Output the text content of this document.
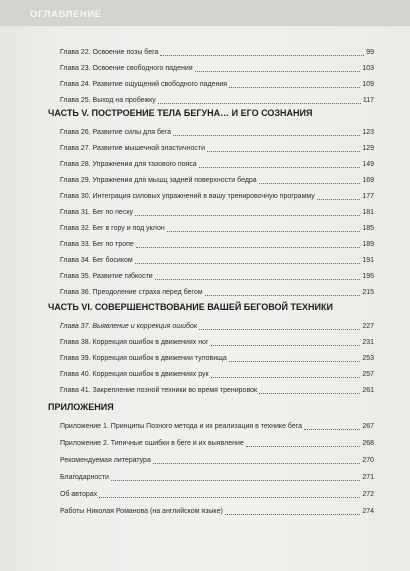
ОГЛАВЛЕНИЕ
Глава 22. Освоение позы бега	99
Глава 23. Освоение свободного падения	103
Глава 24. Развитие ощущений свободного падения	109
Глава 25. Выход на пробежку	117
ЧАСТЬ V. ПОСТРОЕНИЕ ТЕЛА БЕГУНА… И ЕГО СОЗНАНИЯ
Глава 26. Развитие силы для бега	123
Глава 27. Развитие мышечной эластичности	129
Глава 28. Упражнения для тазового пояса	149
Глава 29. Упражнения для мышц задней поверхности бедра	169
Глава 30. Интеграция силовых упражнений в вашу тренировочную программу	177
Глава 31. Бег по песку	181
Глава 32. Бег в гору и под уклон	185
Глава 33. Бег по тропе	189
Глава 34. Бег босиком	191
Глава 35. Развитие гибкости	195
Глава 36. Преодоление страха перед бегом	215
ЧАСТЬ VI. СОВЕРШЕНСТВОВАНИЕ ВАШЕЙ БЕГОВОЙ ТЕХНИКИ
Глава 37. Выявление и коррекция ошибок	227
Глава 38. Коррекция ошибок в движениях ног	231
Глава 39. Коррекция ошибок в движении туловища	253
Глава 40. Коррекция ошибок в движениях рук	257
Глава 41. Закрепление позной техники во время тренировок	261
ПРИЛОЖЕНИЯ
Приложение 1. Принципы Позного метода и их реализация в технике бега	267
Приложение 2. Типичные ошибки в беге и их выявление	268
Рекомендуемая литература	270
Благодарности	271
Об авторах	272
Работы Николая Романова (на английском языке)	274
